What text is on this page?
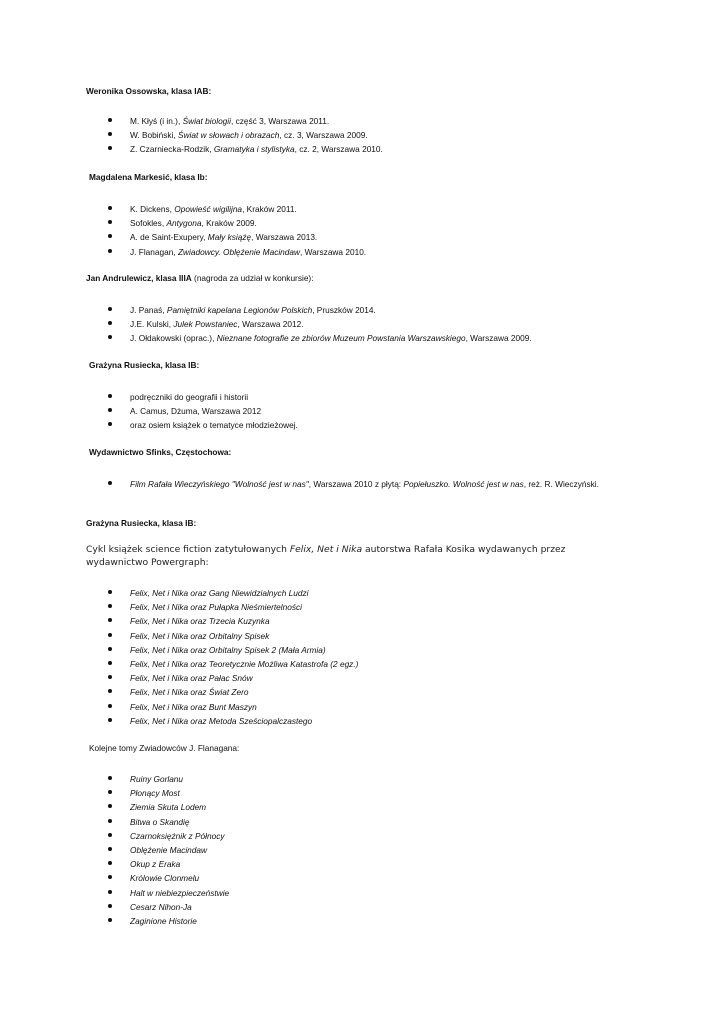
Weronika Ossowska, klasa IAB:
M. Kłyś (i in.), Świat biologii, część 3, Warszawa 2011.
W. Bobiński, Świat w słowach i obrazach, cz. 3, Warszawa 2009.
Z. Czarniecka-Rodzik, Gramatyka i stylistyka, cz. 2, Warszawa 2010.
Magdalena Markesić, klasa Ib:
K. Dickens, Opowieść wigilijna, Kraków 2011.
Sofokles, Antygona, Kraków 2009.
A. de Saint-Exupery, Mały książę, Warszawa 2013.
J. Flanagan, Zwiadowcy. Oblężenie Macindaw, Warszawa 2010.
Jan Andrulewicz, klasa IIIA (nagroda za udział w konkursie):
J. Panaś, Pamiętniki kapelana Legionów Polskich, Pruszków 2014.
J.E. Kulski, Julek Powstaniec, Warszawa 2012.
J. Ołdakowski (oprac.), Nieznane fotografie ze zbiorów Muzeum Powstania Warszawskiego, Warszawa 2009.
Grażyna Rusiecka, klasa IB:
podręczniki do geografii i historii
A. Camus, Dżuma, Warszawa 2012
oraz osiem książek o tematyce młodzieżowej.
Wydawnictwo Sfinks, Częstochowa:
Film Rafała Wieczyńskiego "Wolność jest w nas", Warszawa 2010 z płytą: Popiełuszko. Wolność jest w nas, reż. R. Wieczyński.
Grażyna Rusiecka, klasa IB:
Cykl książek science fiction zatytułowanych Felix, Net i Nika autorstwa Rafała Kosika wydawanych przez
wydawnictwo Powergraph:
Felix, Net i Nika oraz Gang Niewidzialnych Ludzi
Felix, Net i Nika oraz Pułapka Nieśmiertelności
Felix, Net i Nika oraz Trzecia Kuzynka
Felix, Net i Nika oraz Orbitalny Spisek
Felix, Net i Nika oraz Orbitalny Spisek 2 (Mała Armia)
Felix, Net i Nika oraz Teoretycznie Możliwa Katastrofa (2 egz.)
Felix, Net i Nika oraz Pałac Snów
Felix, Net i Nika oraz Świat Zero
Felix, Net i Nika oraz Bunt Maszyn
Felix, Net i Nika oraz Metoda Sześciopalczastego
Kolejne tomy Zwiadowców J. Flanagana:
Ruiny Gorlanu
Płonący Most
Ziemia Skuta Lodem
Bitwa o Skandię
Czarnoksiężnik z Północy
Oblężenie Macindaw
Okup z Eraka
Królowie Clonmelu
Halt w niebiezpieczeństwie
Cesarz Nihon-Ja
Zaginione Historie
